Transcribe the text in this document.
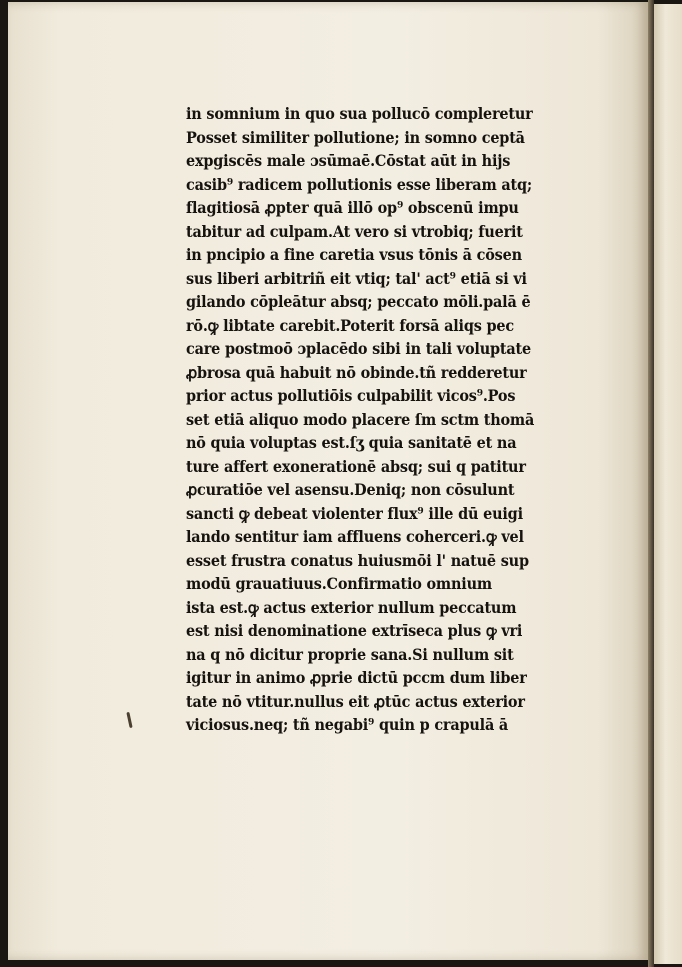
in somnium in quo sua pollucō compleretur
Posset similiter pollutione; in somno ceptā
expgiscēs male ɔsūmaē.Cōstat aūt in hijs
casib⁹ radicem pollutionis esse liberam atq;
flagitiosā ꝓpter quā illō op⁹ obscenū impu
tabitur ad culpam.At vero si vtrobiq; fuerit
in pncipio a fine caretia vsus tōnis ā cōsen
sus liberi arbitriñ eit vtiq; tal' act⁹ etiā si vi
gilando cōpleātur absq; peccato mōli.palā ē
rō.ꝙ libtate carebit.Poterit forsā aliqs pec
care postmoō ɔplacēdo sibi in tali voluptate
ꝓbrosa quā habuit nō obinde.tñ redderetur
prior actus pollutiōis culpabilit vicos⁹.Pos
set etiā aliquo modo placere ſm sctm thomā
nō quia voluptas est.ſʒ quia sanitatē et na
ture affert exonerationē absq; sui q patitur
ꝓcuratiōe vel asensu.Deniq; non cōsulunt
sancti ꝙ debeat violenter flux⁹ ille dū euigi
lando sentitur iam affluens coherceri.ꝙ vel
esset frustra conatus huiusmōi l' natuē sup
modū grauatiuus.Confirmatio omnium
ista est.ꝙ actus exterior nullum peccatum
est nisi denominatione extrīseca plus ꝙ vri
na q nō dicitur proprie sana.Si nullum sit
igitur in animo ꝓprie dictū pccm dum liber
tate nō vtitur.nullus eit ꝓtūc actus exterior
viciosus.neq; tñ negabi⁹ quin p crapulā ā
